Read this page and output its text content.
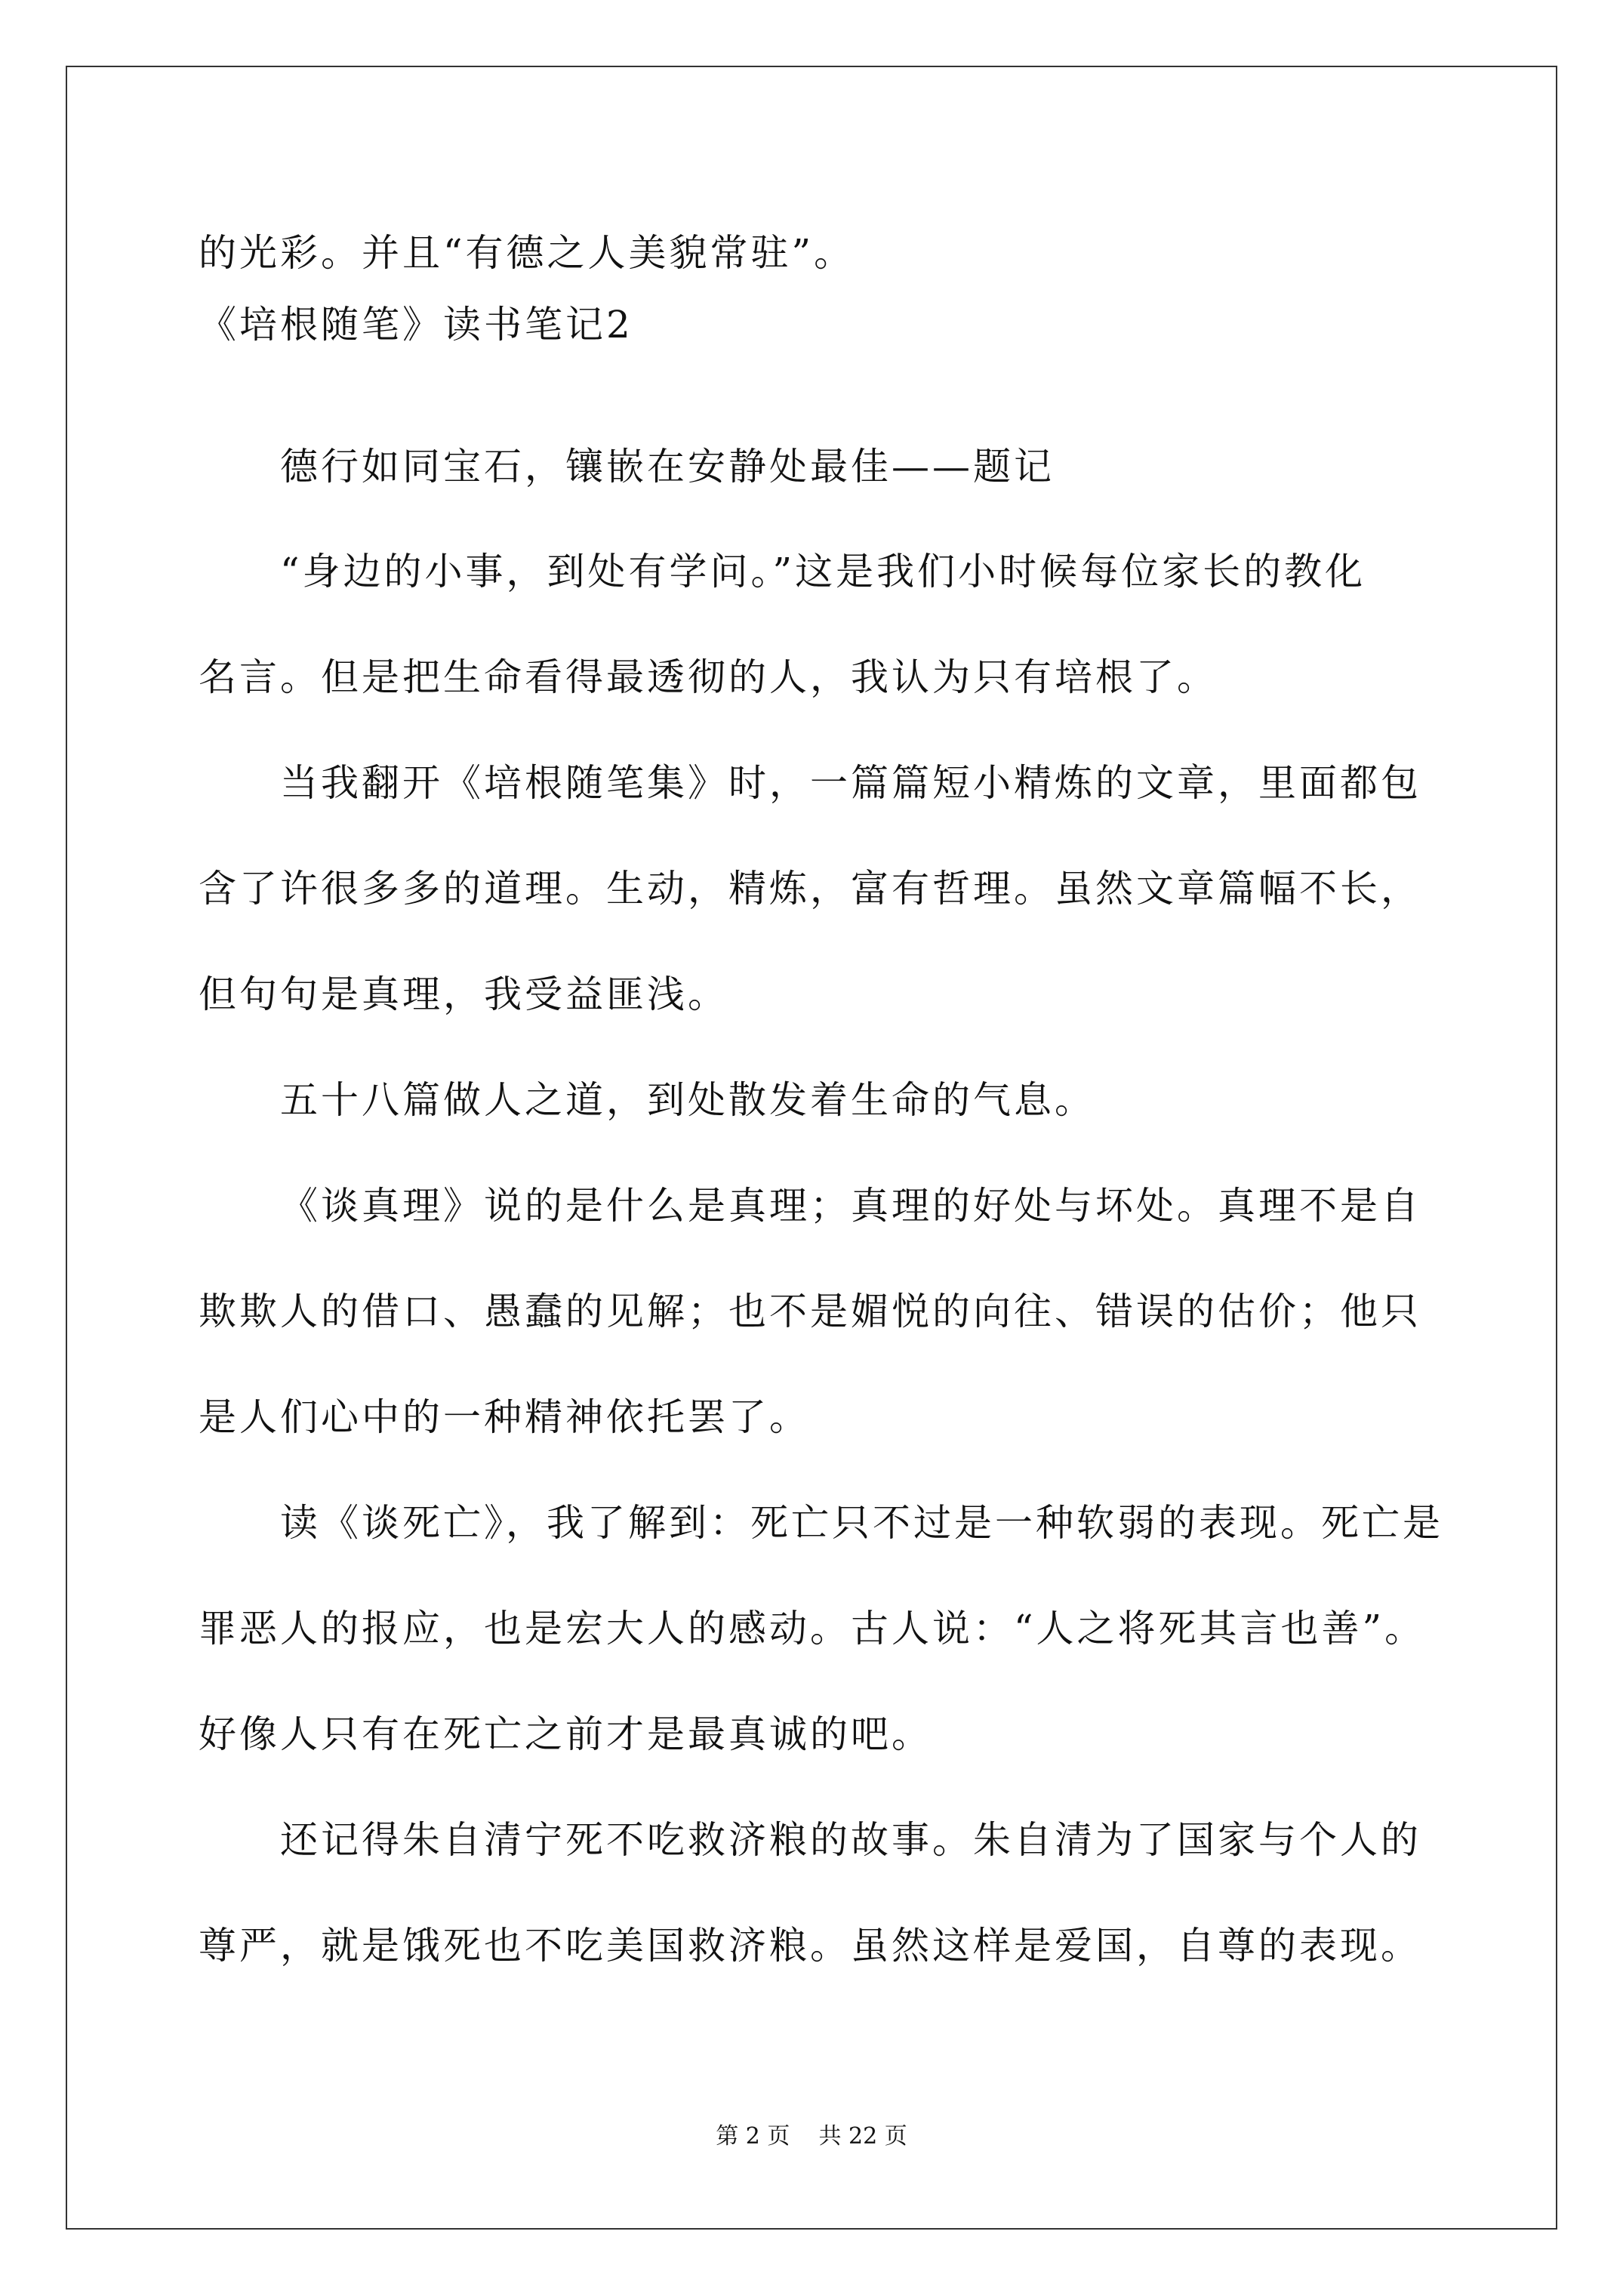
的光彩。并且“有德之人美貌常驻”。
《培根随笔》读书笔记2
德行如同宝石，镶嵌在安静处最佳——题记
“身边的小事，到处有学问。”这是我们小时候每位家长的教化
名言。但是把生命看得最透彻的人，我认为只有培根了。
当我翻开《培根随笔集》时，一篇篇短小精炼的文章，里面都包
含了许很多多的道理。生动，精炼，富有哲理。虽然文章篇幅不长，
但句句是真理，我受益匪浅。
五十八篇做人之道，到处散发着生命的气息。
《谈真理》说的是什么是真理；真理的好处与坏处。真理不是自
欺欺人的借口、愚蠢的见解；也不是媚悦的向往、错误的估价；他只
是人们心中的一种精神依托罢了。
读《谈死亡》，我了解到：死亡只不过是一种软弱的表现。死亡是
罪恶人的报应，也是宏大人的感动。古人说：“人之将死其言也善”。
好像人只有在死亡之前才是最真诚的吧。
还记得朱自清宁死不吃救济粮的故事。朱自清为了国家与个人的
尊严，就是饿死也不吃美国救济粮。虽然这样是爱国，自尊的表现。
第 2 页    共 22 页
